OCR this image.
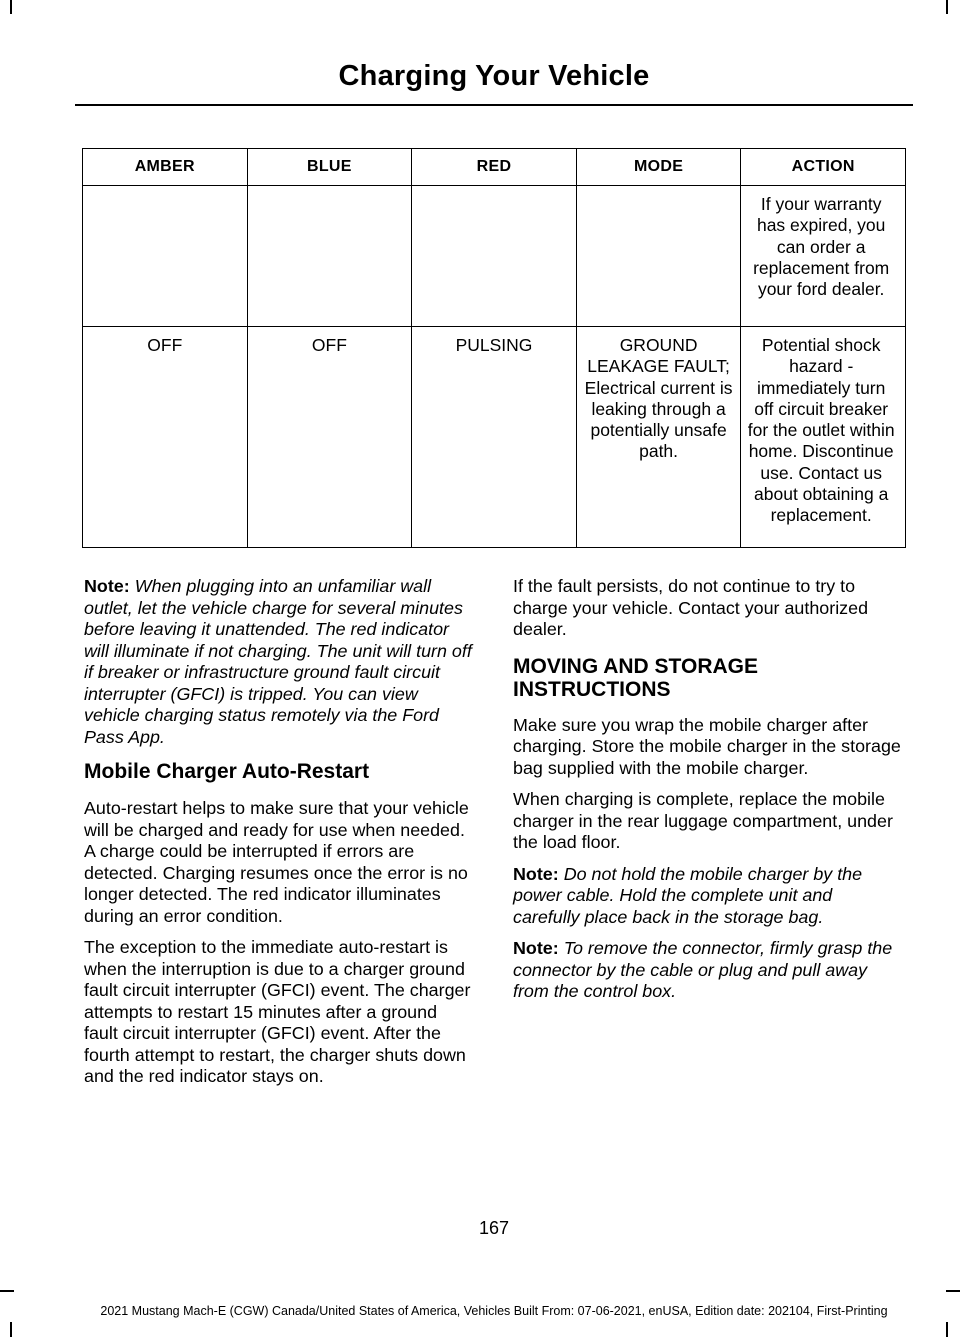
Charging Your Vehicle
AMBER	BLUE	RED	MODE	ACTION
				If your warranty has expired, you can order a replacement from your ford dealer.
OFF	OFF	PULSING	GROUND LEAKAGE FAULT; Electrical current is leaking through a potentially unsafe path.	Potential shock hazard - immediately turn off circuit breaker for the outlet within home. Discontinue use. Contact us about obtaining a replacement.

Note: When plugging into an unfamiliar wall outlet, let the vehicle charge for several minutes before leaving it unattended. The red indicator will illuminate if not charging. The unit will turn off if breaker or infrastructure ground fault circuit interrupter (GFCI) is tripped. You can view vehicle charging status remotely via the Ford Pass App.

Mobile Charger Auto-Restart

Auto-restart helps to make sure that your vehicle will be charged and ready for use when needed. A charge could be interrupted if errors are detected. Charging resumes once the error is no longer detected. The red indicator illuminates during an error condition.

The exception to the immediate auto-restart is when the interruption is due to a charger ground fault circuit interrupter (GFCI) event. The charger attempts to restart 15 minutes after a ground fault circuit interrupter (GFCI) event. After the fourth attempt to restart, the charger shuts down and the red indicator stays on.

If the fault persists, do not continue to try to charge your vehicle. Contact your authorized dealer.

MOVING AND STORAGE INSTRUCTIONS

Make sure you wrap the mobile charger after charging. Store the mobile charger in the storage bag supplied with the mobile charger.

When charging is complete, replace the mobile charger in the rear luggage compartment, under the load floor.

Note: Do not hold the mobile charger by the power cable. Hold the complete unit and carefully place back in the storage bag.

Note: To remove the connector, firmly grasp the connector by the cable or plug and pull away from the control box.

167
2021 Mustang Mach-E (CGW) Canada/United States of America, Vehicles Built From: 07-06-2021, enUSA, Edition date: 202104, First-Printing
